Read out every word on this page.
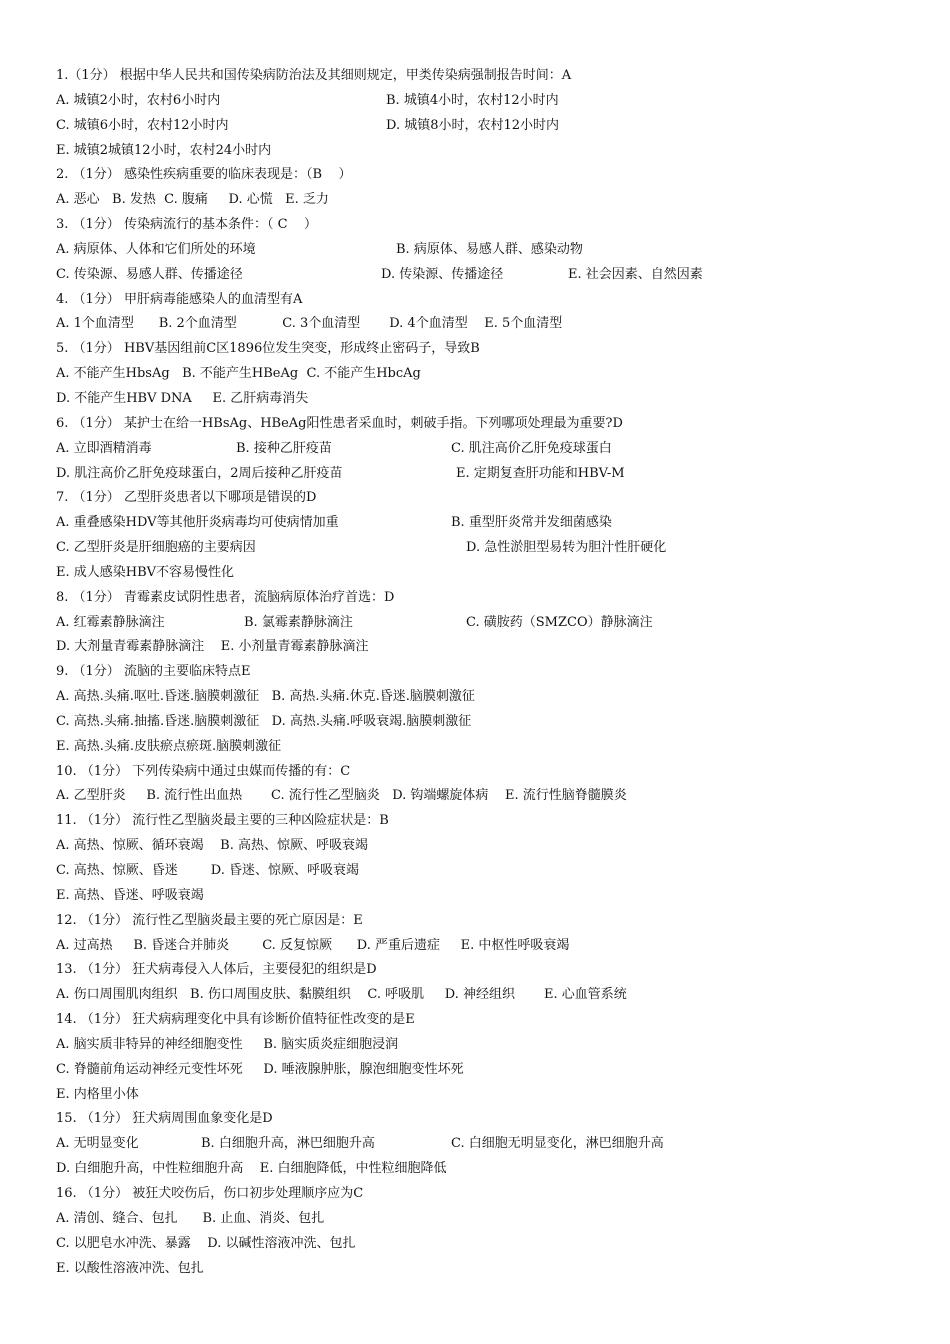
1.（1分） 根据中华人民共和国传染病防治法及其细则规定，甲类传染病强制报告时间：A
A. 城镇2小时，农村6小时内	B. 城镇4小时，农村12小时内
C. 城镇6小时，农村12小时内	D. 城镇8小时，农村12小时内
E. 城镇2城镇12小时，农村24小时内
2. （1分） 感染性疾病重要的临床表现是：（B    ）
A. 恶心   B. 发热  C. 腹痛     D. 心慌   E. 乏力
3. （1分） 传染病流行的基本条件：（ C    ）
A. 病原体、人体和它们所处的环境	B. 病原体、易感人群、感染动物
C. 传染源、易感人群、传播途径	D. 传染源、传播途径	E. 社会因素、自然因素
4. （1分） 甲肝病毒能感染人的血清型有A
A. 1个血清型      B. 2个血清型           C. 3个血清型       D. 4个血清型    E. 5个血清型
5. （1分） HBV基因组前C区1896位发生突变，形成终止密码子，导致B
A. 不能产生HbsAg   B. 不能产生HBeAg  C. 不能产生HbcAg
D. 不能产生HBV DNA     E. 乙肝病毒消失
6. （1分） 某护士在给一HBsAg、HBeAg阳性患者采血时，刺破手指。下列哪项处理最为重要?D
A. 立即酒精消毒	B. 接种乙肝疫苗	C. 肌注高价乙肝免疫球蛋白
D. 肌注高价乙肝免疫球蛋白，2周后接种乙肝疫苗	E. 定期复查肝功能和HBV-M
7. （1分） 乙型肝炎患者以下哪项是错误的D
A. 重叠感染HDV等其他肝炎病毒均可使病情加重	B. 重型肝炎常并发细菌感染
C. 乙型肝炎是肝细胞癌的主要病因	D. 急性淤胆型易转为胆汁性肝硬化
E. 成人感染HBV不容易慢性化
8. （1分） 青霉素皮试阴性患者，流脑病原体治疗首选：D
A. 红霉素静脉滴注	B. 氯霉素静脉滴注	C. 磺胺药（SMZCO）静脉滴注
D. 大剂量青霉素静脉滴注    E. 小剂量青霉素静脉滴注
9. （1分） 流脑的主要临床特点E
A. 高热.头痛.呕吐.昏迷.脑膜刺激征   B. 高热.头痛.休克.昏迷.脑膜刺激征
C. 高热.头痛.抽搐.昏迷.脑膜刺激征   D. 高热.头痛.呼吸衰竭.脑膜刺激征
E. 高热.头痛.皮肤瘀点瘀斑.脑膜刺激征
10. （1分） 下列传染病中通过虫媒而传播的有：C
A. 乙型肝炎     B. 流行性出血热       C. 流行性乙型脑炎   D. 钩端螺旋体病    E. 流行性脑脊髓膜炎
11. （1分） 流行性乙型脑炎最主要的三种凶险症状是：B
A. 高热、惊厥、循环衰竭    B. 高热、惊厥、呼吸衰竭
C. 高热、惊厥、昏迷        D. 昏迷、惊厥、呼吸衰竭
E. 高热、昏迷、呼吸衰竭
12. （1分） 流行性乙型脑炎最主要的死亡原因是：E
A. 过高热     B. 昏迷合并肺炎        C. 反复惊厥      D. 严重后遗症     E. 中枢性呼吸衰竭
13. （1分） 狂犬病毒侵入人体后，主要侵犯的组织是D
A. 伤口周围肌肉组织   B. 伤口周围皮肤、黏膜组织    C. 呼吸肌     D. 神经组织       E. 心血管系统
14. （1分） 狂犬病病理变化中具有诊断价值特征性改变的是E
A. 脑实质非特异的神经细胞变性     B. 脑实质炎症细胞浸润
C. 脊髓前角运动神经元变性坏死     D. 唾液腺肿胀，腺泡细胞变性坏死
E. 内格里小体
15. （1分） 狂犬病周围血象变化是D
A. 无明显变化	B. 白细胞升高，淋巴细胞升高	C. 白细胞无明显变化，淋巴细胞升高
D. 白细胞升高，中性粒细胞升高    E. 白细胞降低，中性粒细胞降低
16. （1分） 被狂犬咬伤后，伤口初步处理顺序应为C
A. 清创、缝合、包扎      B. 止血、消炎、包扎
C. 以肥皂水冲洗、暴露    D. 以碱性溶液冲洗、包扎
E. 以酸性溶液冲洗、包扎
